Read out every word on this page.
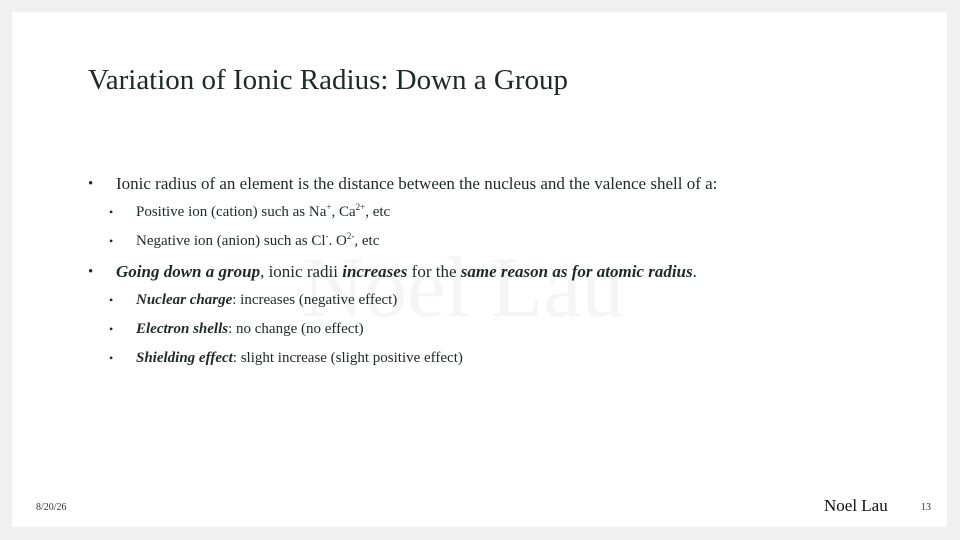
Variation of Ionic Radius: Down a Group

• Ionic radius of an element is the distance between the nucleus and the valence shell of a:

• Positive ion (cation) such as Na+, $Ca^{2+}$, etc

• Negative ion (anion) such as Cl-. $O^{2-}$, etc

• Going down a group, ionic radii increases for the same reason as for atomic radius.

• Nuclear charge: increases (negative effect)

• Electron shells: no change (no effect)

• Shielding effect: slight increase (slight positive effect)

8/20/26	Noel Lau	13
